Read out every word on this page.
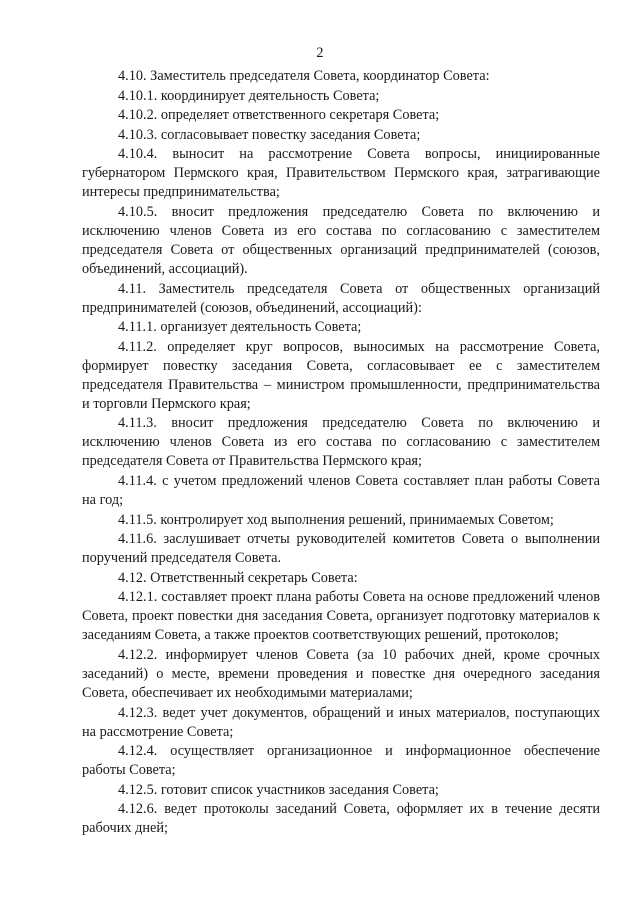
2

4.10. Заместитель председателя Совета, координатор Совета:

4.10.1. координирует деятельность Совета;

4.10.2. определяет ответственного секретаря Совета;

4.10.3. согласовывает повестку заседания Совета;

4.10.4. выносит на рассмотрение Совета вопросы, инициированные губернатором Пермского края, Правительством Пермского края, затрагивающие интересы предпринимательства;

4.10.5. вносит предложения председателю Совета по включению и исключению членов Совета из его состава по согласованию с заместителем председателя Совета от общественных организаций предпринимателей (союзов, объединений, ассоциаций).

4.11. Заместитель председателя Совета от общественных организаций предпринимателей (союзов, объединений, ассоциаций):

4.11.1. организует деятельность Совета;

4.11.2. определяет круг вопросов, выносимых на рассмотрение Совета, формирует повестку заседания Совета, согласовывает ее с заместителем председателя Правительства – министром промышленности, предпринимательства и торговли Пермского края;

4.11.3. вносит предложения председателю Совета по включению и исключению членов Совета из его состава по согласованию с заместителем председателя Совета от Правительства Пермского края;

4.11.4. с учетом предложений членов Совета составляет план работы Совета на год;

4.11.5. контролирует ход выполнения решений, принимаемых Советом;

4.11.6. заслушивает отчеты руководителей комитетов Совета о выполнении поручений председателя Совета.

4.12. Ответственный секретарь Совета:

4.12.1. составляет проект плана работы Совета на основе предложений членов Совета, проект повестки дня заседания Совета, организует подготовку материалов к заседаниям Совета, а также проектов соответствующих решений, протоколов;

4.12.2. информирует членов Совета (за 10 рабочих дней, кроме срочных заседаний) о месте, времени проведения и повестке дня очередного заседания Совета, обеспечивает их необходимыми материалами;

4.12.3. ведет учет документов, обращений и иных материалов, поступающих на рассмотрение Совета;

4.12.4. осуществляет организационное и информационное обеспечение работы Совета;

4.12.5. готовит список участников заседания Совета;

4.12.6. ведет протоколы заседаний Совета, оформляет их в течение десяти рабочих дней;
